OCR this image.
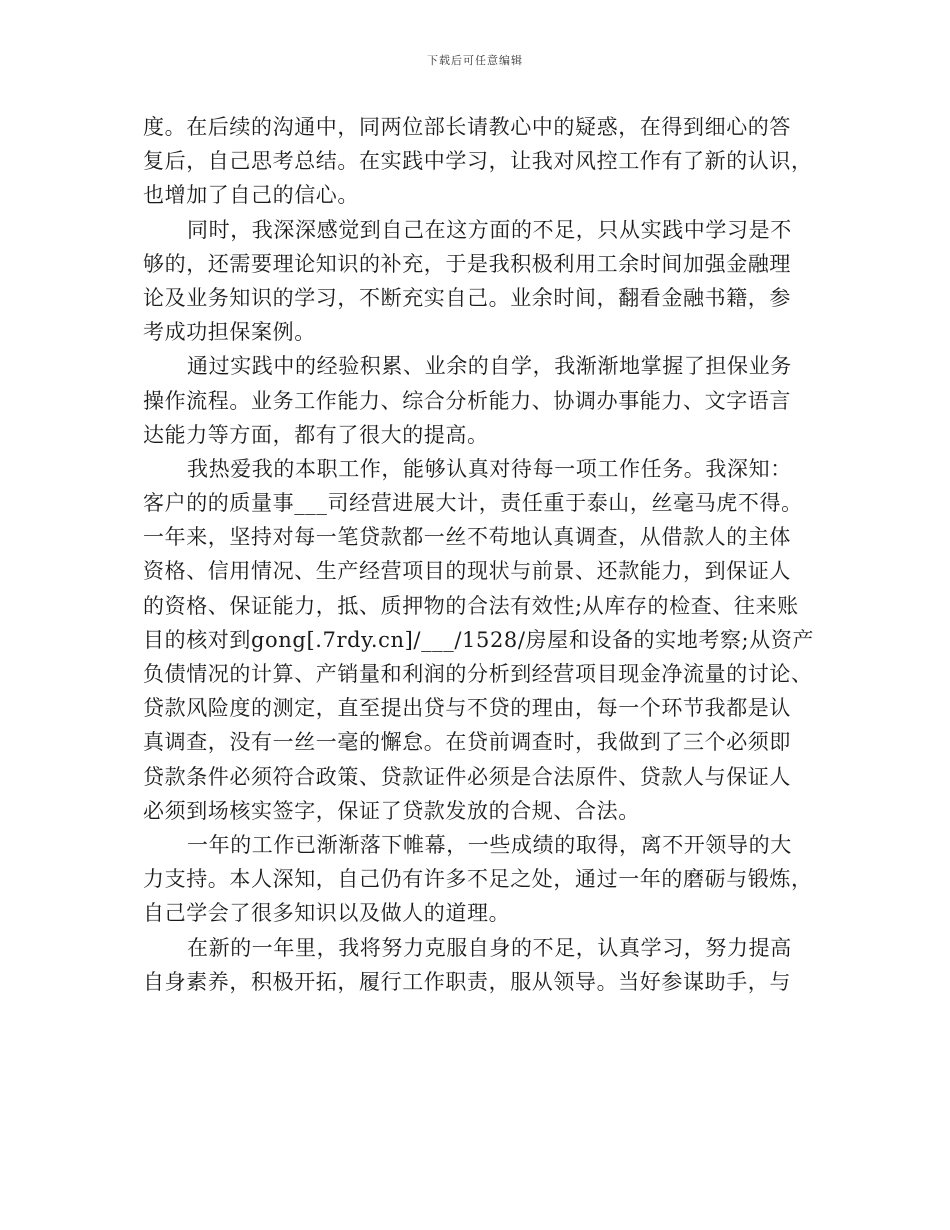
下载后可任意编辑
度。在后续的沟通中，同两位部长请教心中的疑惑，在得到细心的答
复后，自己思考总结。在实践中学习，让我对风控工作有了新的认识，
也增加了自己的信心。
同时，我深深感觉到自己在这方面的不足，只从实践中学习是不
够的，还需要理论知识的补充，于是我积极利用工余时间加强金融理
论及业务知识的学习，不断充实自己。业余时间，翻看金融书籍，参
考成功担保案例。
通过实践中的经验积累、业余的自学，我渐渐地掌握了担保业务
操作流程。业务工作能力、综合分析能力、协调办事能力、文字语言
达能力等方面，都有了很大的提高。
我热爱我的本职工作，能够认真对待每一项工作任务。我深知：
客户的的质量事___司经营进展大计，责任重于泰山，丝毫马虎不得。
一年来，坚持对每一笔贷款都一丝不苟地认真调查，从借款人的主体
资格、信用情况、生产经营项目的现状与前景、还款能力，到保证人
的资格、保证能力，抵、质押物的合法有效性;从库存的检查、往来账
目的核对到gong[.7rdy.cn]/___/1528/房屋和设备的实地考察;从资产
负债情况的计算、产销量和利润的分析到经营项目现金净流量的讨论、
贷款风险度的测定，直至提出贷与不贷的理由，每一个环节我都是认
真调查，没有一丝一毫的懈怠。在贷前调查时，我做到了三个必须即
贷款条件必须符合政策、贷款证件必须是合法原件、贷款人与保证人
必须到场核实签字，保证了贷款发放的合规、合法。
一年的工作已渐渐落下帷幕，一些成绩的取得，离不开领导的大
力支持。本人深知，自己仍有许多不足之处，通过一年的磨砺与锻炼，
自己学会了很多知识以及做人的道理。
在新的一年里，我将努力克服自身的不足，认真学习，努力提高
自身素养，积极开拓，履行工作职责，服从领导。当好参谋助手，与
